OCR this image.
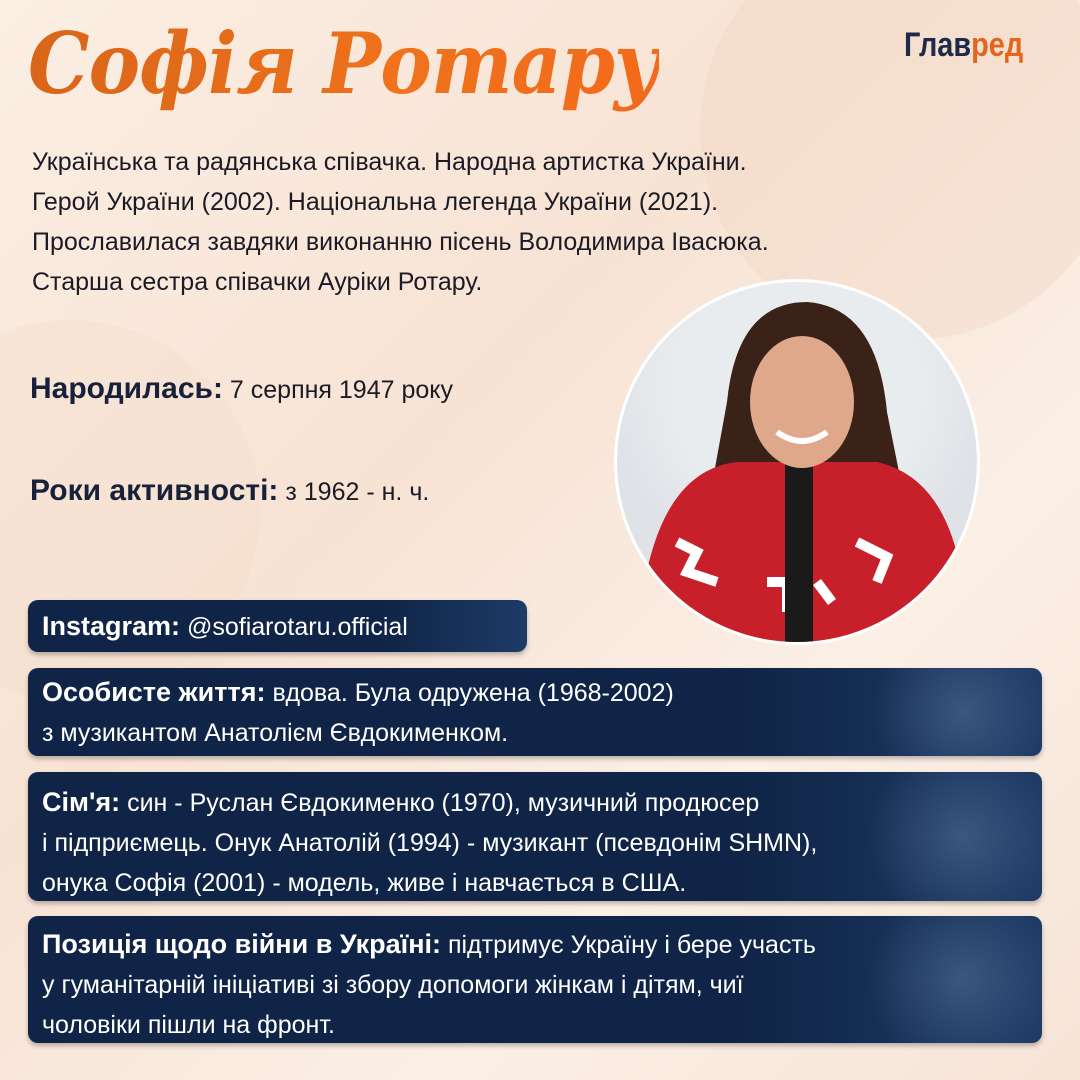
Софія Ротару	Главред
Українська та радянська співачка. Народна артистка України.
Герой України (2002). Національна легенда України (2021).
Прославилася завдяки виконанню пісень Володимира Івасюка.
Старша сестра співачки Ауріки Ротару.
Народилась: 7 серпня 1947 року
Роки активності: з 1962 - н. ч.
Instagram: @sofiarotaru.official
Особисте життя: вдова. Була одружена (1968-2002)
з музикантом Анатолієм Євдокименком.
Сім'я: син - Руслан Євдокименко (1970), музичний продюсер
і підприємець. Онук Анатолій (1994) - музикант (псевдонім SHMN),
онука Софія (2001) - модель, живе і навчається в США.
Позиція щодо війни в Україні: підтримує Україну і бере участь
у гуманітарній ініціативі зі збору допомоги жінкам і дітям, чиї
чоловіки пішли на фронт.
